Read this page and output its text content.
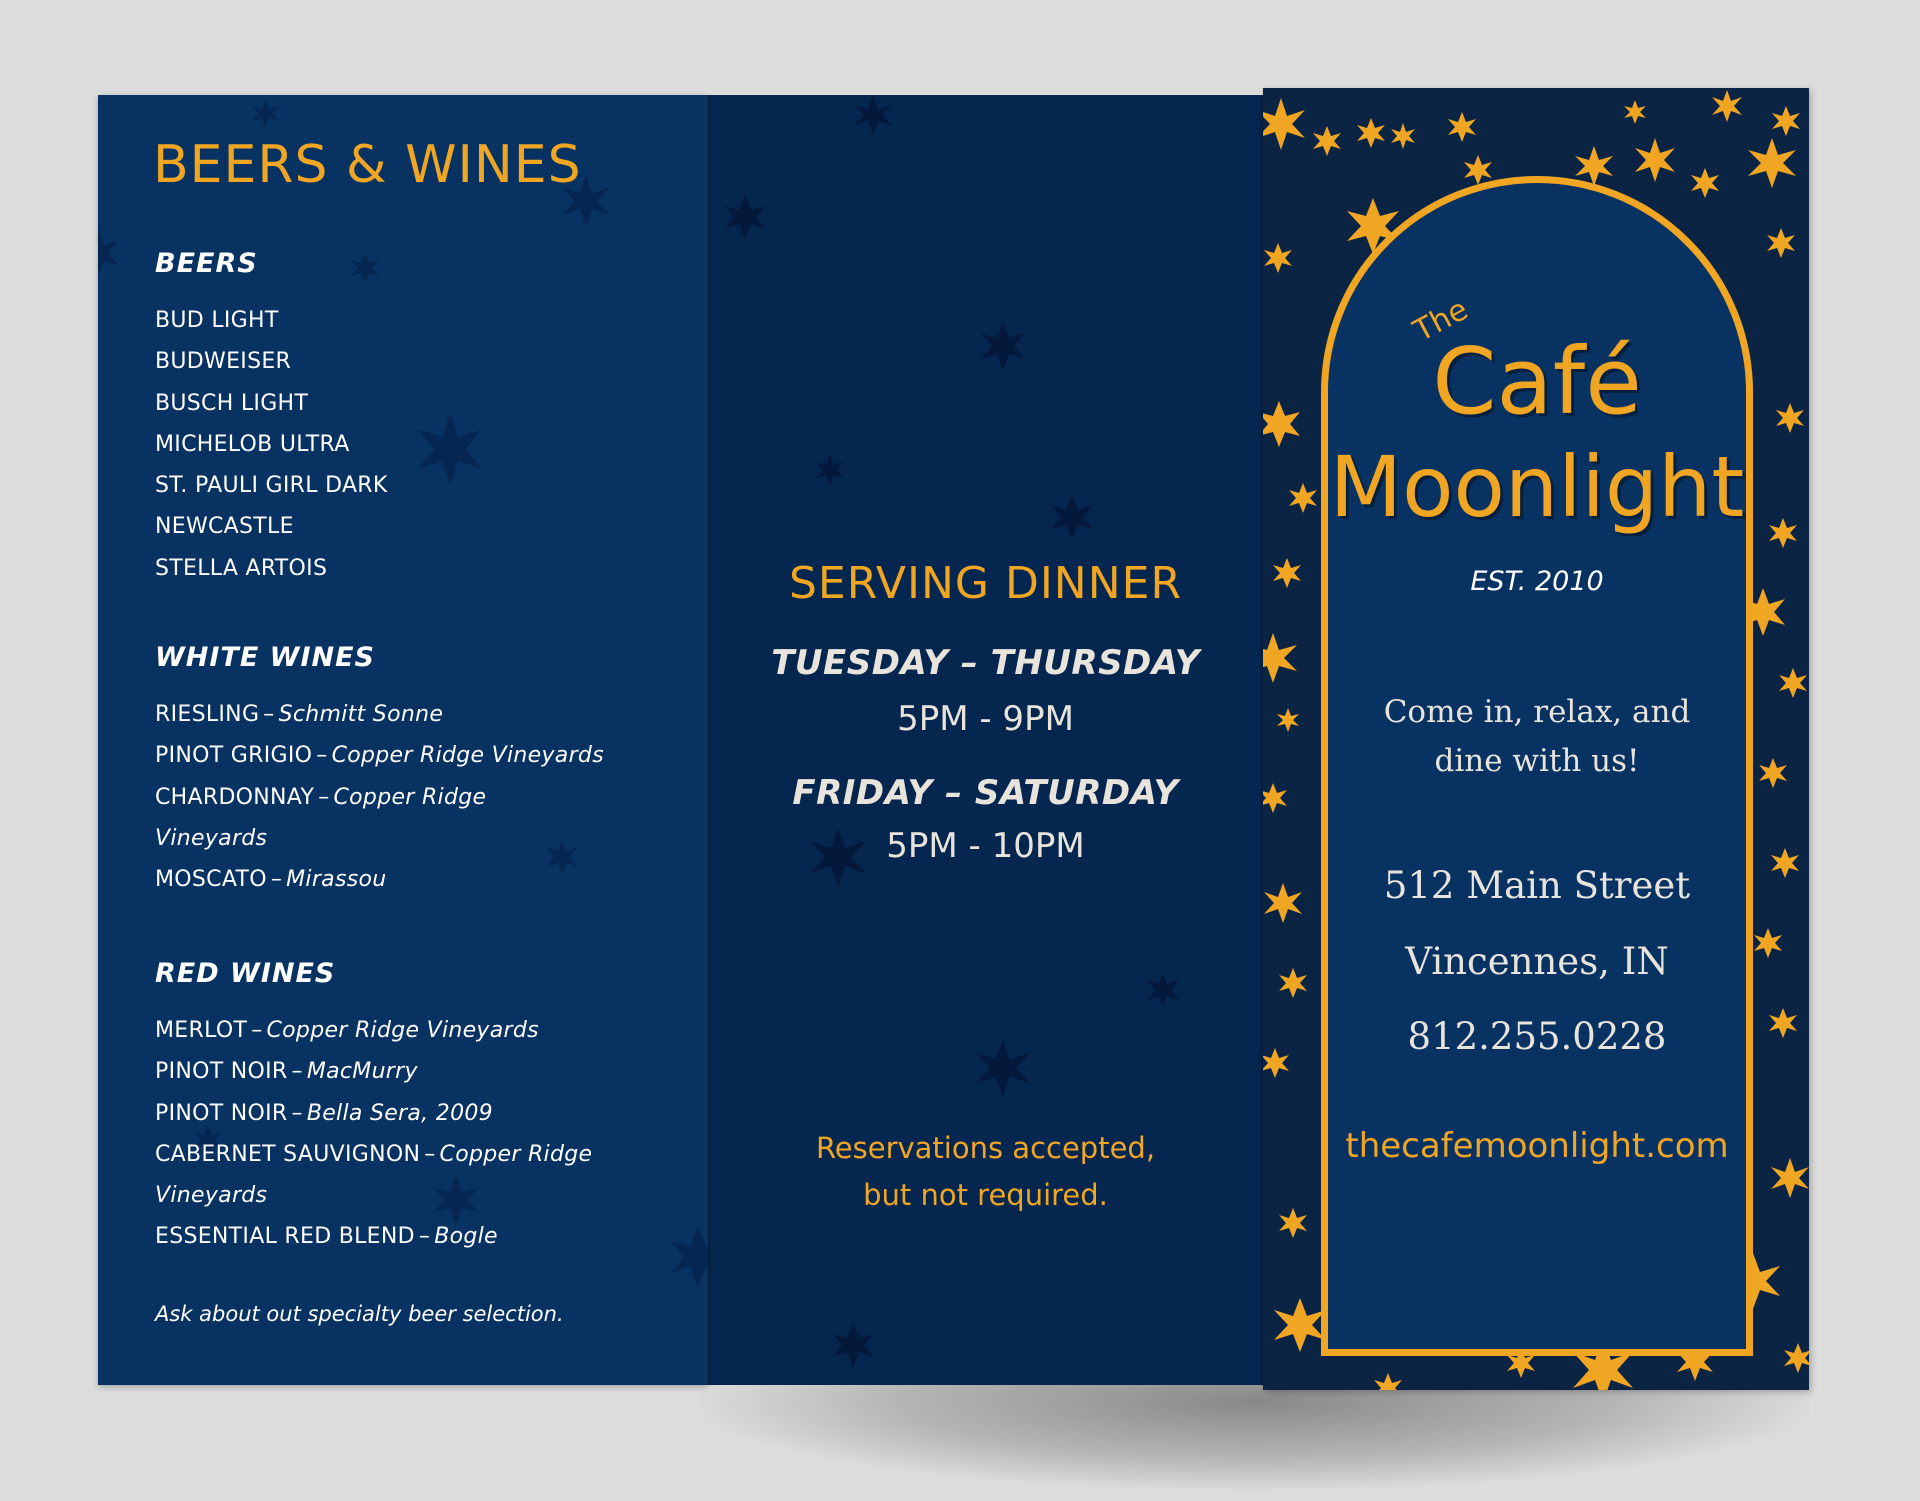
BEERS & WINES
BEERS
BUD LIGHT
BUDWEISER
BUSCH LIGHT
MICHELOB ULTRA
ST. PAULI GIRL DARK
NEWCASTLE
STELLA ARTOIS
WHITE WINES
RIESLING – Schmitt Sonne
PINOT GRIGIO – Copper Ridge Vineyards
CHARDONNAY – Copper Ridge Vineyards
MOSCATO – Mirassou
RED WINES
MERLOT – Copper Ridge Vineyards
PINOT NOIR – MacMurry
PINOT NOIR – Bella Sera, 2009
CABERNET SAUVIGNON – Copper Ridge Vineyards
ESSENTIAL RED BLEND – Bogle

Ask about out specialty beer selection.

SERVING DINNER

TUESDAY – THURSDAY

5PM - 9PM

FRIDAY – SATURDAY

5PM - 10PM

Reservations accepted,
but not required.
The

Café

Moonlight

EST. 2010

Come in, relax, and
dine with us!

512 Main Street

Vincennes, IN

812.255.0228

thecafemoonlight.com
